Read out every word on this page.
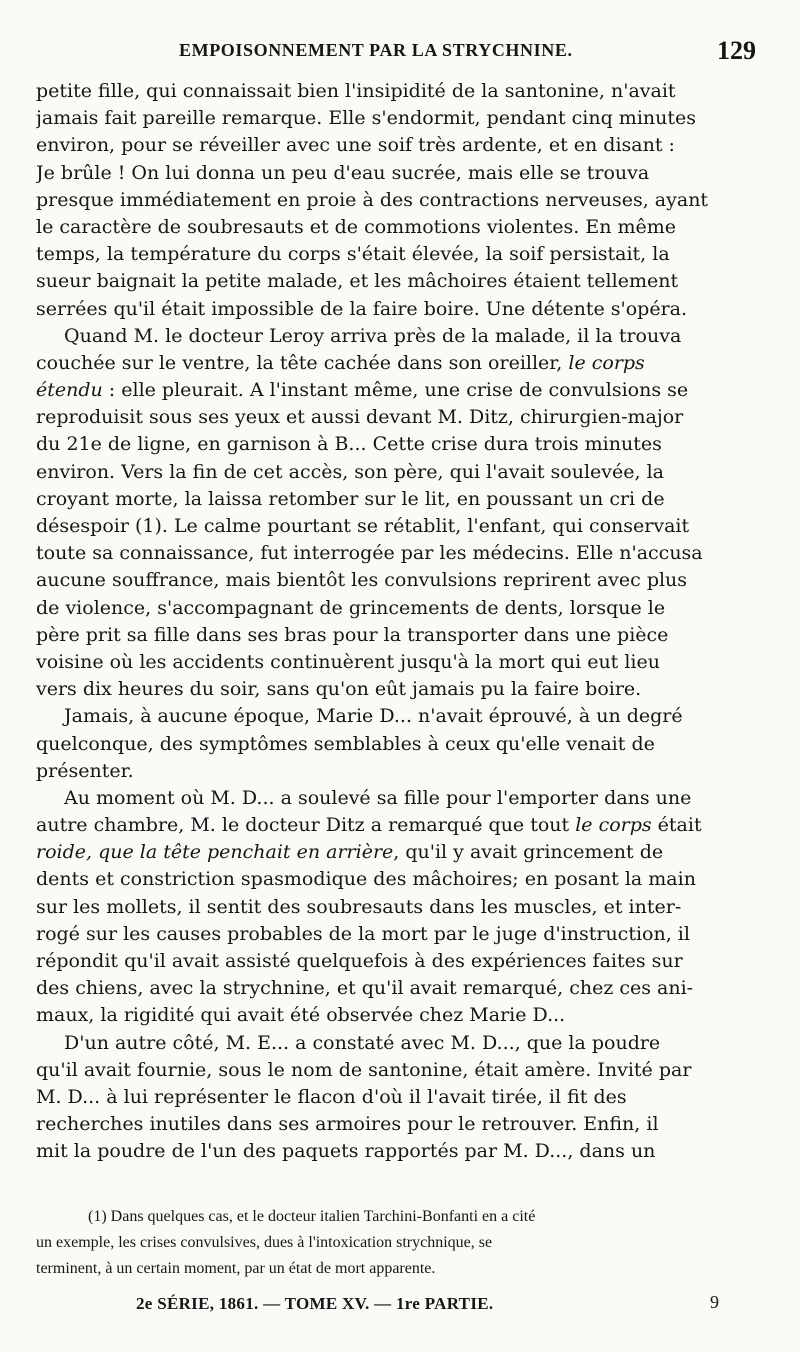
EMPOISONNEMENT PAR LA STRYCHNINE.	129
petite fille, qui connaissait bien l'insipidité de la santonine, n'avait
jamais fait pareille remarque. Elle s'endormit, pendant cinq minutes
environ, pour se réveiller avec une soif très ardente, et en disant :
Je brûle ! On lui donna un peu d'eau sucrée, mais elle se trouva
presque immédiatement en proie à des contractions nerveuses, ayant
le caractère de soubresauts et de commotions violentes. En même
temps, la température du corps s'était élevée, la soif persistait, la
sueur baignait la petite malade, et les mâchoires étaient tellement
serrées qu'il était impossible de la faire boire. Une détente s'opéra.
Quand M. le docteur Leroy arriva près de la malade, il la trouva
couchée sur le ventre, la tête cachée dans son oreiller, le corps
étendu : elle pleurait. A l'instant même, une crise de convulsions se
reproduisit sous ses yeux et aussi devant M. Ditz, chirurgien-major
du 21e de ligne, en garnison à B... Cette crise dura trois minutes
environ. Vers la fin de cet accès, son père, qui l'avait soulevée, la
croyant morte, la laissa retomber sur le lit, en poussant un cri de
désespoir (1). Le calme pourtant se rétablit, l'enfant, qui conservait
toute sa connaissance, fut interrogée par les médecins. Elle n'accusa
aucune souffrance, mais bientôt les convulsions reprirent avec plus
de violence, s'accompagnant de grincements de dents, lorsque le
père prit sa fille dans ses bras pour la transporter dans une pièce
voisine où les accidents continuèrent jusqu'à la mort qui eut lieu
vers dix heures du soir, sans qu'on eût jamais pu la faire boire.
Jamais, à aucune époque, Marie D... n'avait éprouvé, à un degré
quelconque, des symptômes semblables à ceux qu'elle venait de
présenter.
Au moment où M. D... a soulevé sa fille pour l'emporter dans une
autre chambre, M. le docteur Ditz a remarqué que tout le corps était
roide, que la tête penchait en arrière, qu'il y avait grincement de
dents et constriction spasmodique des mâchoires; en posant la main
sur les mollets, il sentit des soubresauts dans les muscles, et inter-
rogé sur les causes probables de la mort par le juge d'instruction, il
répondit qu'il avait assisté quelquefois à des expériences faites sur
des chiens, avec la strychnine, et qu'il avait remarqué, chez ces ani-
maux, la rigidité qui avait été observée chez Marie D...
D'un autre côté, M. E... a constaté avec M. D..., que la poudre
qu'il avait fournie, sous le nom de santonine, était amère. Invité par
M. D... à lui représenter le flacon d'où il l'avait tirée, il fit des
recherches inutiles dans ses armoires pour le retrouver. Enfin, il
mit la poudre de l'un des paquets rapportés par M. D..., dans un
(1) Dans quelques cas, et le docteur italien Tarchini-Bonfanti en a cité
un exemple, les crises convulsives, dues à l'intoxication strychnique, se
terminent, à un certain moment, par un état de mort apparente.
2e SÉRIE, 1861. — TOME XV. — 1re PARTIE.	9
